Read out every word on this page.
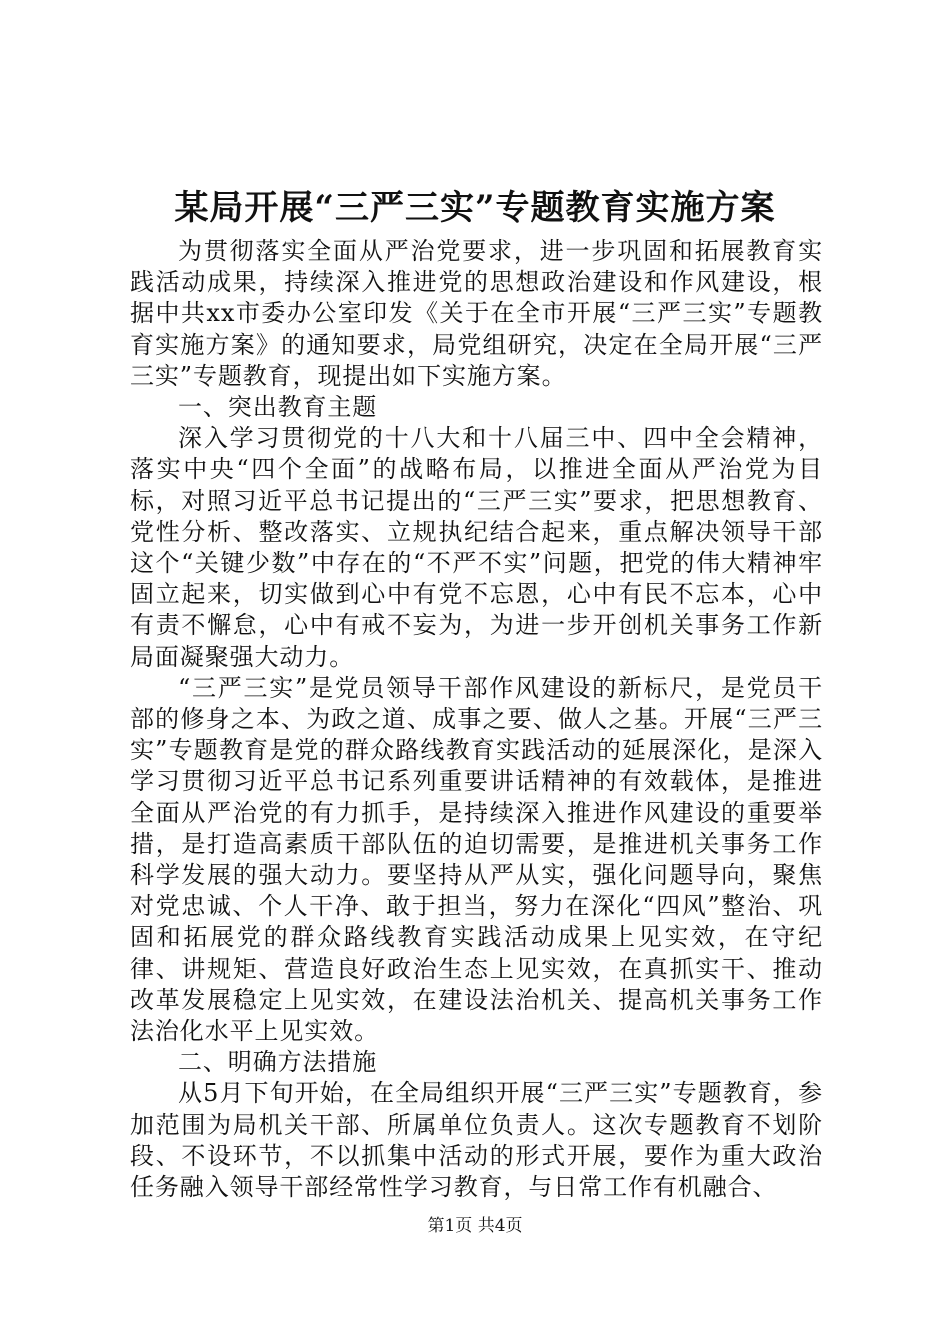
某局开展“三严三实”专题教育实施方案

为贯彻落实全面从严治党要求，进一步巩固和拓展教育实践活动成果，持续深入推进党的思想政治建设和作风建设，根据中共xx市委办公室印发《关于在全市开展“三严三实”专题教育实施方案》的通知要求，局党组研究，决定在全局开展“三严三实”专题教育，现提出如下实施方案。

一、突出教育主题

深入学习贯彻党的十八大和十八届三中、四中全会精神，落实中央“四个全面”的战略布局，以推进全面从严治党为目标，对照习近平总书记提出的“三严三实”要求，把思想教育、党性分析、整改落实、立规执纪结合起来，重点解决领导干部这个“关键少数”中存在的“不严不实”问题，把党的伟大精神牢固立起来，切实做到心中有党不忘恩，心中有民不忘本，心中有责不懈怠，心中有戒不妄为，为进一步开创机关事务工作新局面凝聚强大动力。

“三严三实”是党员领导干部作风建设的新标尺，是党员干部的修身之本、为政之道、成事之要、做人之基。开展“三严三实”专题教育是党的群众路线教育实践活动的延展深化，是深入学习贯彻习近平总书记系列重要讲话精神的有效载体，是推进全面从严治党的有力抓手，是持续深入推进作风建设的重要举措，是打造高素质干部队伍的迫切需要，是推进机关事务工作科学发展的强大动力。要坚持从严从实，强化问题导向，聚焦对党忠诚、个人干净、敢于担当，努力在深化“四风”整治、巩固和拓展党的群众路线教育实践活动成果上见实效，在守纪律、讲规矩、营造良好政治生态上见实效，在真抓实干、推动改革发展稳定上见实效，在建设法治机关、提高机关事务工作法治化水平上见实效。

二、明确方法措施

从5月下旬开始，在全局组织开展“三严三实”专题教育，参加范围为局机关干部、所属单位负责人。这次专题教育不划阶段、不设环节，不以抓集中活动的形式开展，要作为重大政治任务融入领导干部经常性学习教育，与日常工作有机融合、

第1页 共4页
